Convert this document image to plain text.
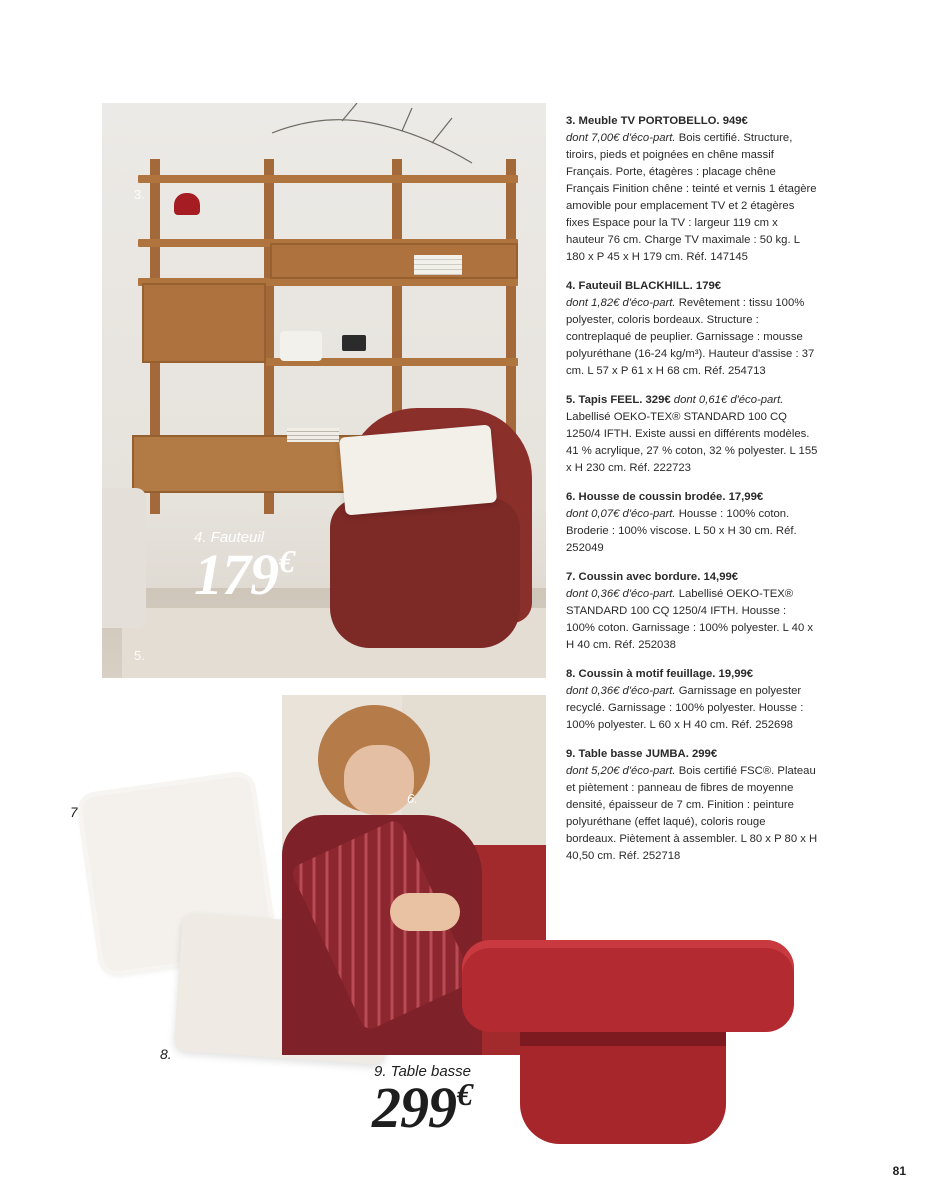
3.
5.
4. Fauteuil
179€
7.
8.
6.
9. Table basse
299€
3. Meuble TV PORTOBELLO. 949€
dont 7,00€ d'éco-part. Bois certifié. Structure, tiroirs, pieds et poignées en chêne massif Français. Porte, étagères : placage chêne Français Finition chêne : teinté et vernis 1 étagère amovible pour emplacement TV et 2 étagères fixes Espace pour la TV : largeur 119 cm x hauteur 76 cm. Charge TV maximale : 50 kg. L 180 x P 45 x H 179 cm. Réf. 147145
4. Fauteuil BLACKHILL. 179€
dont 1,82€ d'éco-part. Revêtement : tissu 100% polyester, coloris bordeaux. Structure : contreplaqué de peuplier. Garnissage : mousse polyuréthane (16-24 kg/m³). Hauteur d'assise : 37 cm. L 57 x P 61 x H 68 cm. Réf. 254713
5. Tapis FEEL. 329€ dont 0,61€ d'éco-part. Labellisé OEKO-TEX® STANDARD 100 CQ 1250/4 IFTH. Existe aussi en différents modèles. 41 % acrylique, 27 % coton, 32 % polyester. L 155 x H 230 cm. Réf. 222723
6. Housse de coussin brodée. 17,99€
dont 0,07€ d'éco-part. Housse : 100% coton. Broderie : 100% viscose. L 50 x H 30 cm. Réf. 252049
7. Coussin avec bordure. 14,99€
dont 0,36€ d'éco-part. Labellisé OEKO-TEX® STANDARD 100 CQ 1250/4 IFTH. Housse : 100% coton. Garnissage : 100% polyester. L 40 x H 40 cm. Réf. 252038
8. Coussin à motif feuillage. 19,99€
dont 0,36€ d'éco-part. Garnissage en polyester recyclé. Garnissage : 100% polyester. Housse : 100% polyester. L 60 x H 40 cm. Réf. 252698
9. Table basse JUMBA. 299€
dont 5,20€ d'éco-part. Bois certifié FSC®. Plateau et piètement : panneau de fibres de moyenne densité, épaisseur de 7 cm. Finition : peinture polyuréthane (effet laqué), coloris rouge bordeaux. Piètement à assembler. L 80 x P 80 x H 40,50 cm. Réf. 252718
81
